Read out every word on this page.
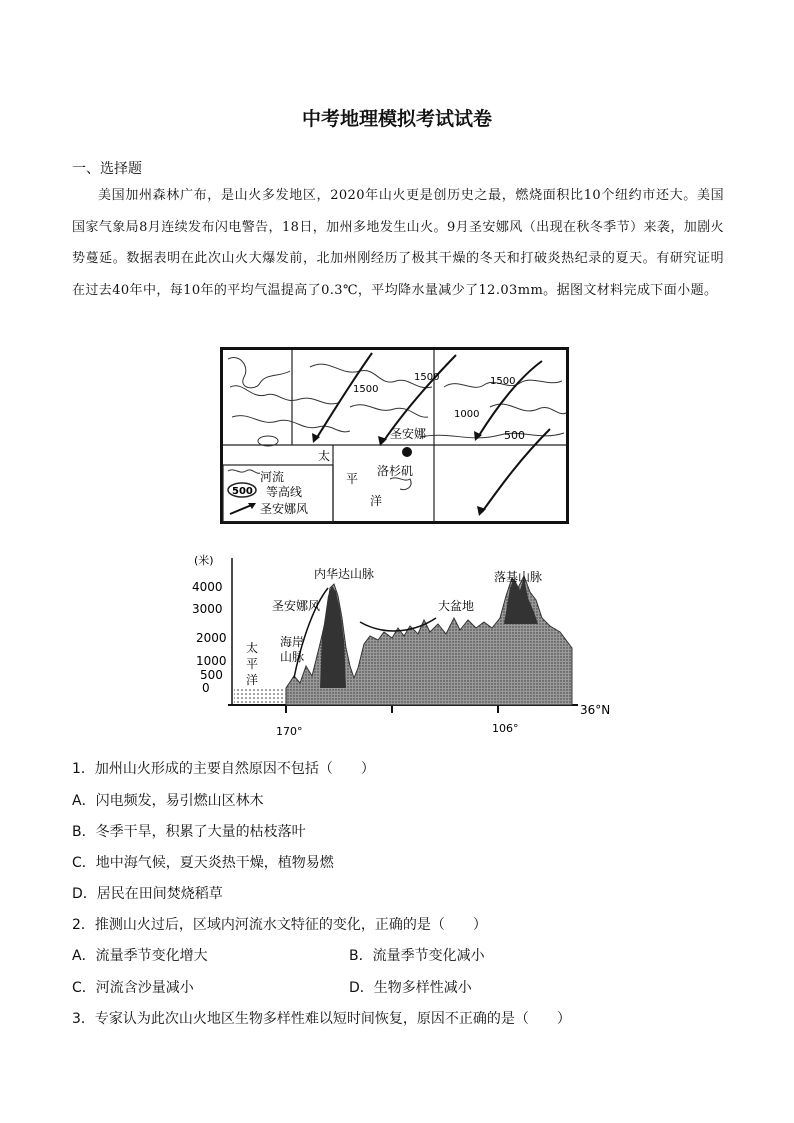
中考地理模拟考试试卷
一、选择题
美国加州森林广布，是山火多发地区，2020年山火更是创历史之最，燃烧面积比10个纽约市还大。美国国家气象局8月连续发布闪电警告，18日，加州多地发生山火。9月圣安娜风（出现在秋冬季节）来袭，加剧火势蔓延。数据表明在此次山火大爆发前，北加州刚经历了极其干燥的冬天和打破炎热纪录的夏天。有研究证明在过去40年中，每10年的平均气温提高了0.3℃，平均降水量减少了12.03mm。据图文材料完成下面小题。
1500
1500	1500
1000
500
圣安娜
洛杉矶
太
平
洋
河流
500 等高线
圣安娜风
4000
3000
2000
1000
500
0
(米)
170°	106°
36°N
内华达山脉	落基山脉
圣安娜风	大盆地
海岸
山脉
太
平
洋
1．加州山火形成的主要自然原因不包括（　　）
A．闪电频发，易引燃山区林木
B．冬季干旱，积累了大量的枯枝落叶
C．地中海气候，夏天炎热干燥，植物易燃
D．居民在田间焚烧稻草
2．推测山火过后，区域内河流水文特征的变化，正确的是（　　）
A．流量季节变化增大	B．流量季节变化减小
C．河流含沙量减小	D．生物多样性减小
3．专家认为此次山火地区生物多样性难以短时间恢复，原因不正确的是（　　）
